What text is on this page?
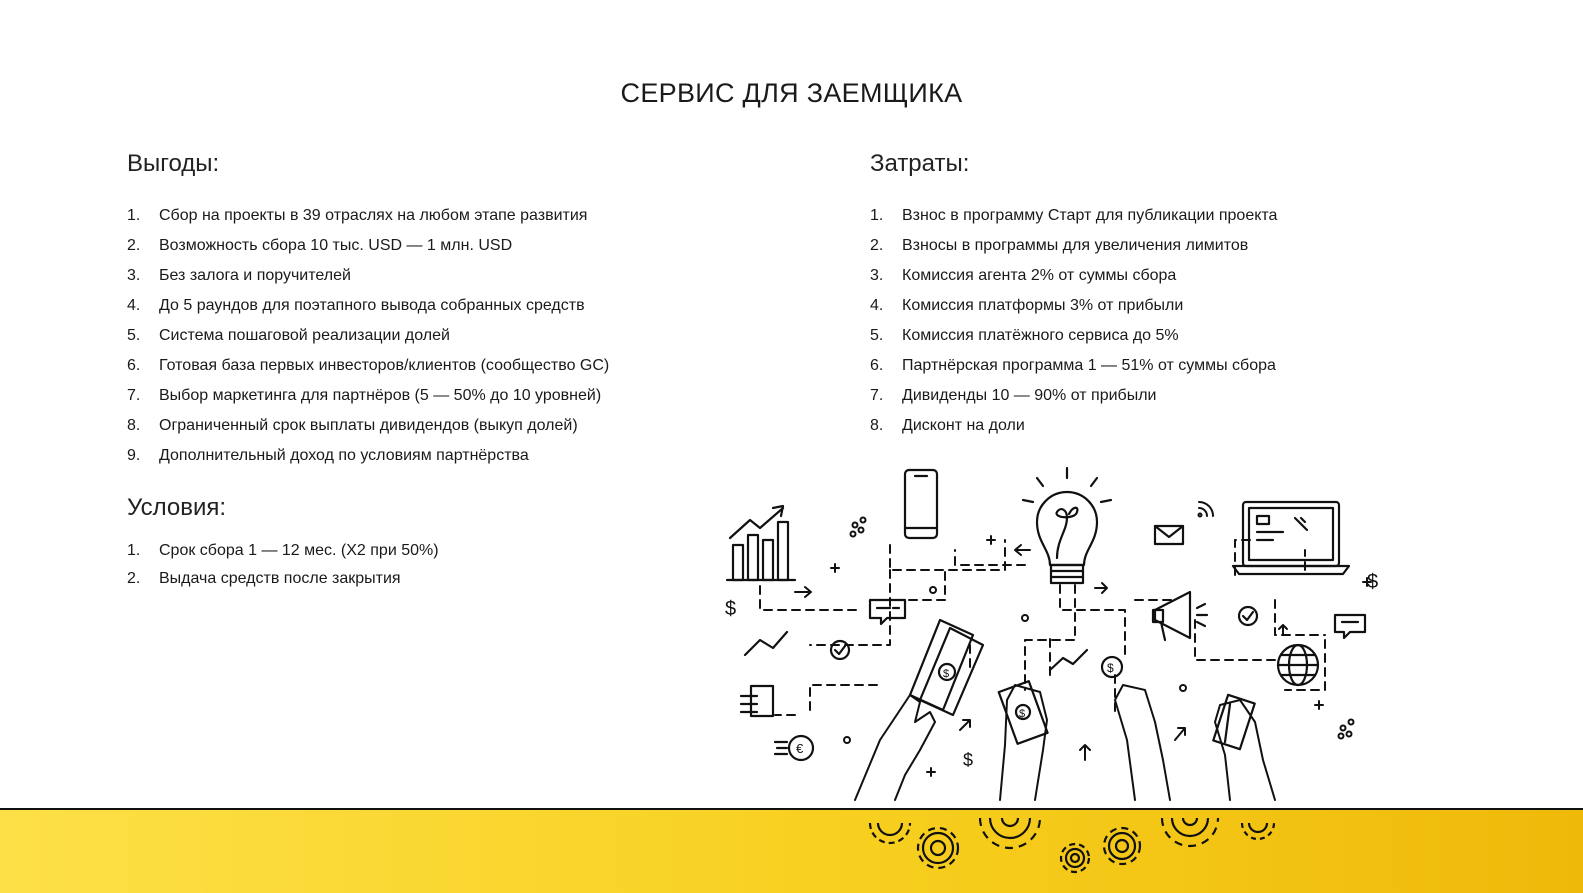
СЕРВИС ДЛЯ ЗАЕМЩИКА
Выгоды:
1.	Сбор на проекты в 39 отраслях на любом этапе развития
2.	Возможность сбора 10 тыс. USD — 1 млн. USD
3.	Без залога и поручителей
4.	До 5 раундов для поэтапного вывода собранных средств
5.	Система пошаговой реализации долей
6.	Готовая база первых инвесторов/клиентов (сообщество GC)
7.	Выбор маркетинга для партнёров (5 — 50% до 10 уровней)
8.	Ограниченный срок выплаты дивидендов (выкуп долей)
9.	Дополнительный доход по условиям партнёрства
Затраты:
1.	Взнос в программу Старт для публикации проекта
2.	Взносы в программы для увеличения лимитов
3.	Комиссия агента 2% от суммы сбора
4.	Комиссия платформы 3% от прибыли
5.	Комиссия платёжного сервиса до 5%
6.	Партнёрская программа 1 — 51% от суммы сбора
7.	Дивиденды 10 — 90% от прибыли
8.	Дисконт на доли
Условия:
1.	Срок сбора 1 — 12 мес. (Х2 при 50%)
2.	Выдача средств после закрытия
$
$
$
€
$
$
$
